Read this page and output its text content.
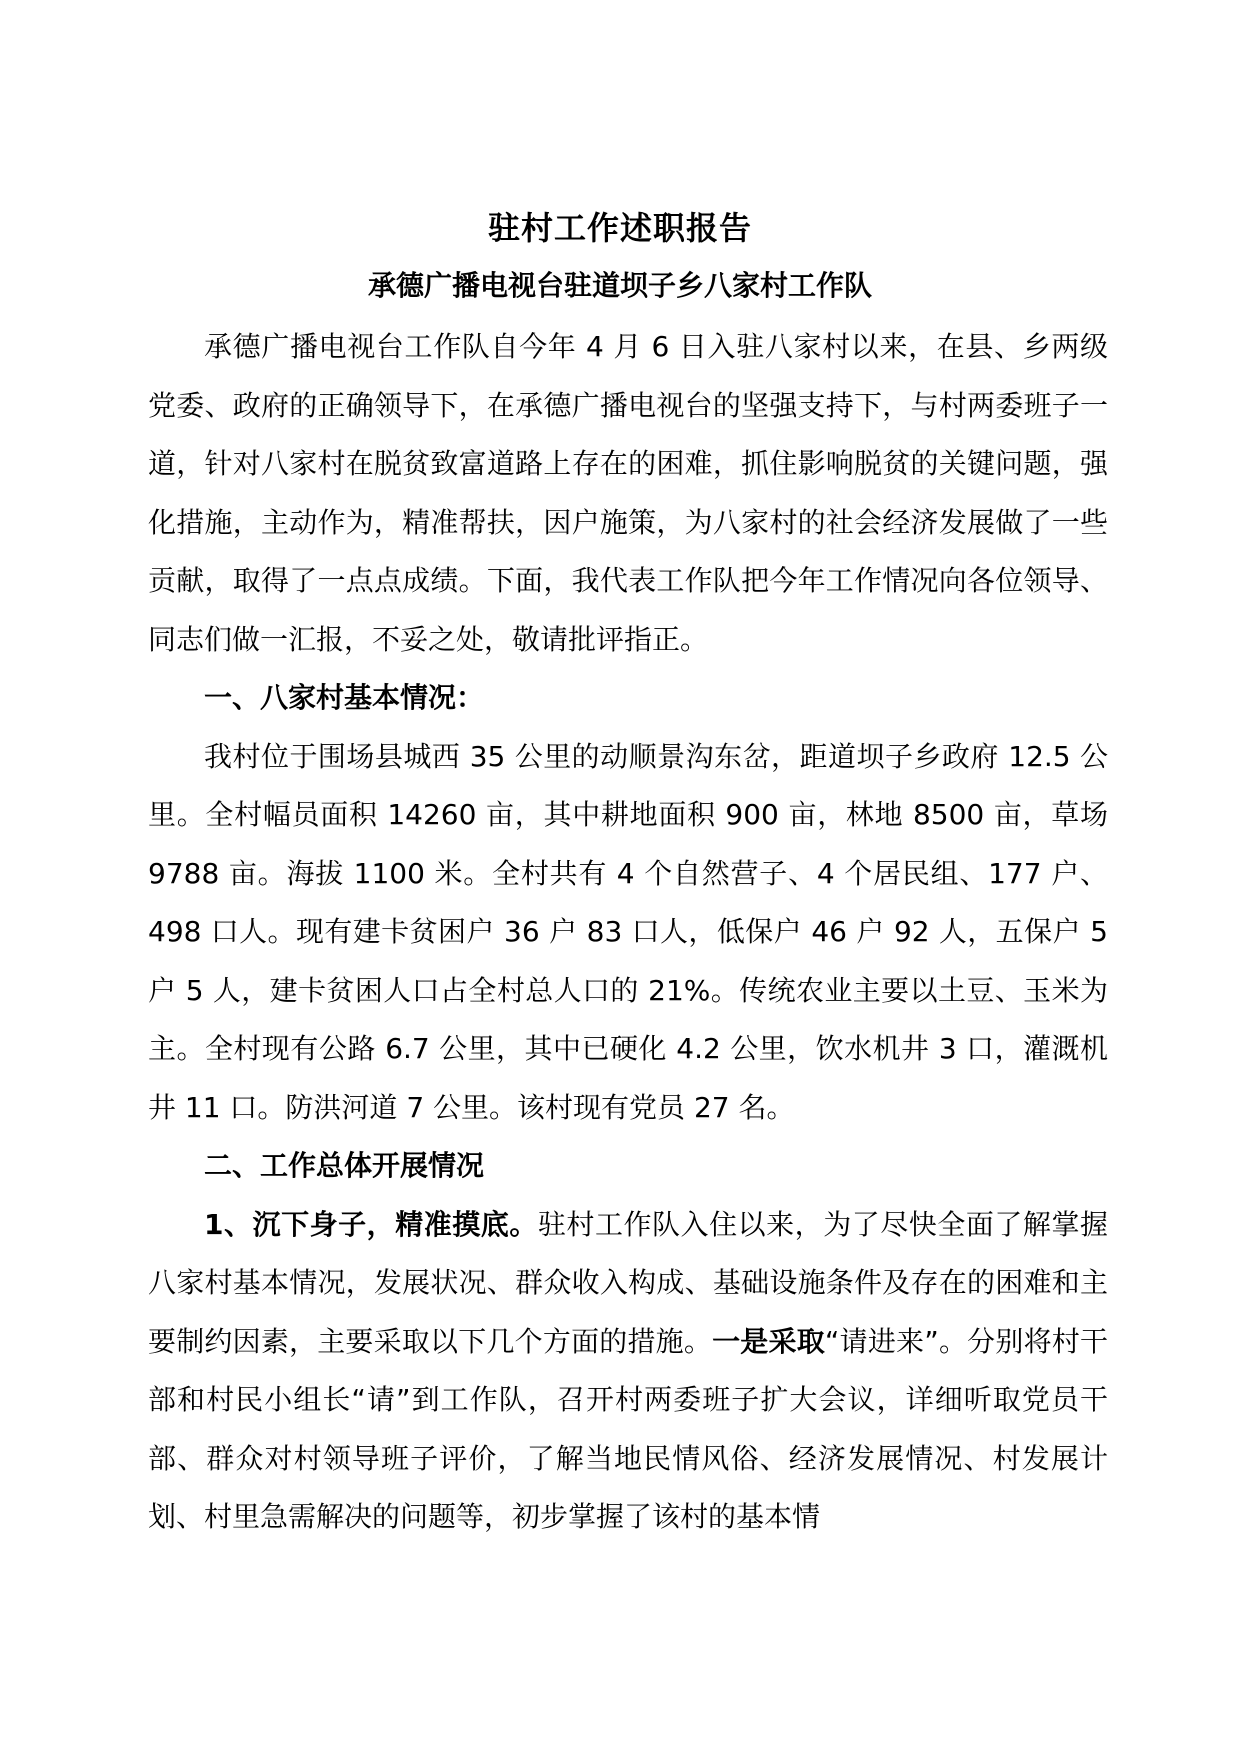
驻村工作述职报告
承德广播电视台驻道坝子乡八家村工作队

承德广播电视台工作队自今年 4 月 6 日入驻八家村以来，在县、乡两级党委、政府的正确领导下，在承德广播电视台的坚强支持下，与村两委班子一道，针对八家村在脱贫致富道路上存在的困难，抓住影响脱贫的关键问题，强化措施，主动作为，精准帮扶，因户施策，为八家村的社会经济发展做了一些贡献，取得了一点点成绩。下面，我代表工作队把今年工作情况向各位领导、同志们做一汇报，不妥之处，敬请批评指正。

一、八家村基本情况：

我村位于围场县城西 35 公里的动顺景沟东岔，距道坝子乡政府 12.5 公里。全村幅员面积 14260 亩，其中耕地面积 900 亩，林地 8500 亩，草场 9788 亩。海拔 1100 米。全村共有 4 个自然营子、4 个居民组、177 户、498 口人。现有建卡贫困户 36 户 83 口人，低保户 46 户 92 人，五保户 5 户 5 人，建卡贫困人口占全村总人口的 21%。传统农业主要以土豆、玉米为主。全村现有公路 6.7 公里，其中已硬化 4.2 公里，饮水机井 3 口，灌溉机井 11 口。防洪河道 7 公里。该村现有党员 27 名。

二、工作总体开展情况

1、沉下身子，精准摸底。驻村工作队入住以来，为了尽快全面了解掌握八家村基本情况，发展状况、群众收入构成、基础设施条件及存在的困难和主要制约因素，主要采取以下几个方面的措施。一是采取“请进来”。分别将村干部和村民小组长“请”到工作队，召开村两委班子扩大会议，详细听取党员干部、群众对村领导班子评价，了解当地民情风俗、经济发展情况、村发展计划、村里急需解决的问题等，初步掌握了该村的基本情
